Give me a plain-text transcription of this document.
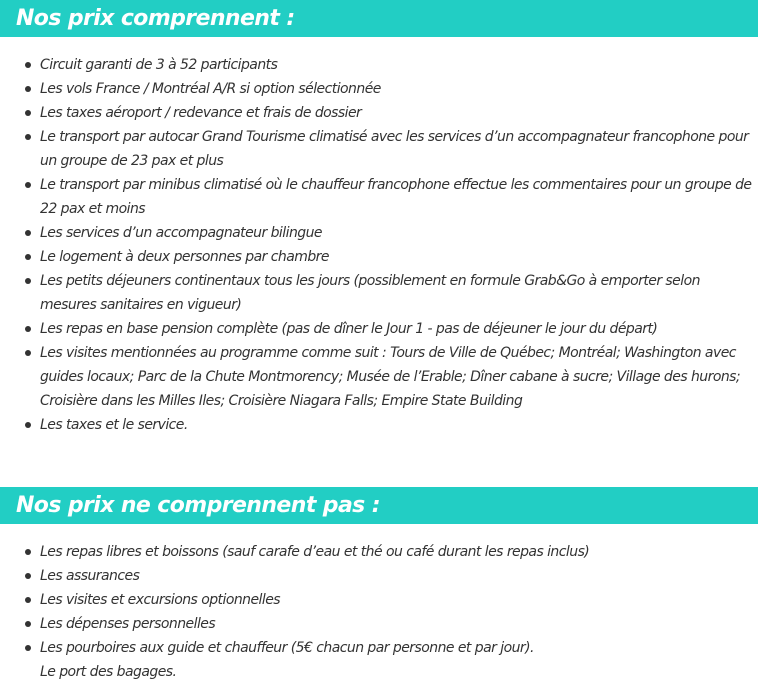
Nos prix comprennent :
Circuit garanti de 3 à 52 participants
Les vols France / Montréal A/R si option sélectionnée
Les taxes aéroport / redevance et frais de dossier
Le transport par autocar Grand Tourisme climatisé avec les services d’un accompagnateur francophone pour un groupe de 23 pax et plus
Le transport par minibus climatisé où le chauffeur francophone effectue les commentaires pour un groupe de 22 pax et moins
Les services d’un accompagnateur bilingue
Le logement à deux personnes par chambre
Les petits déjeuners continentaux tous les jours (possiblement en formule Grab&Go à emporter selon mesures sanitaires en vigueur)
Les repas en base pension complète (pas de dîner le Jour 1 - pas de déjeuner le jour du départ)
Les visites mentionnées au programme comme suit : Tours de Ville de Québec; Montréal; Washington avec guides locaux; Parc de la Chute Montmorency; Musée de l’Erable; Dîner cabane à sucre; Village des hurons; Croisière dans les Milles Iles; Croisière Niagara Falls; Empire State Building
Les taxes et le service.
Nos prix ne comprennent pas :
Les repas libres et boissons (sauf carafe d’eau et thé ou café durant les repas inclus)
Les assurances
Les visites et excursions optionnelles
Les dépenses personnelles
Les pourboires aux guide et chauffeur (5€ chacun par personne et par jour).
Le port des bagages.
